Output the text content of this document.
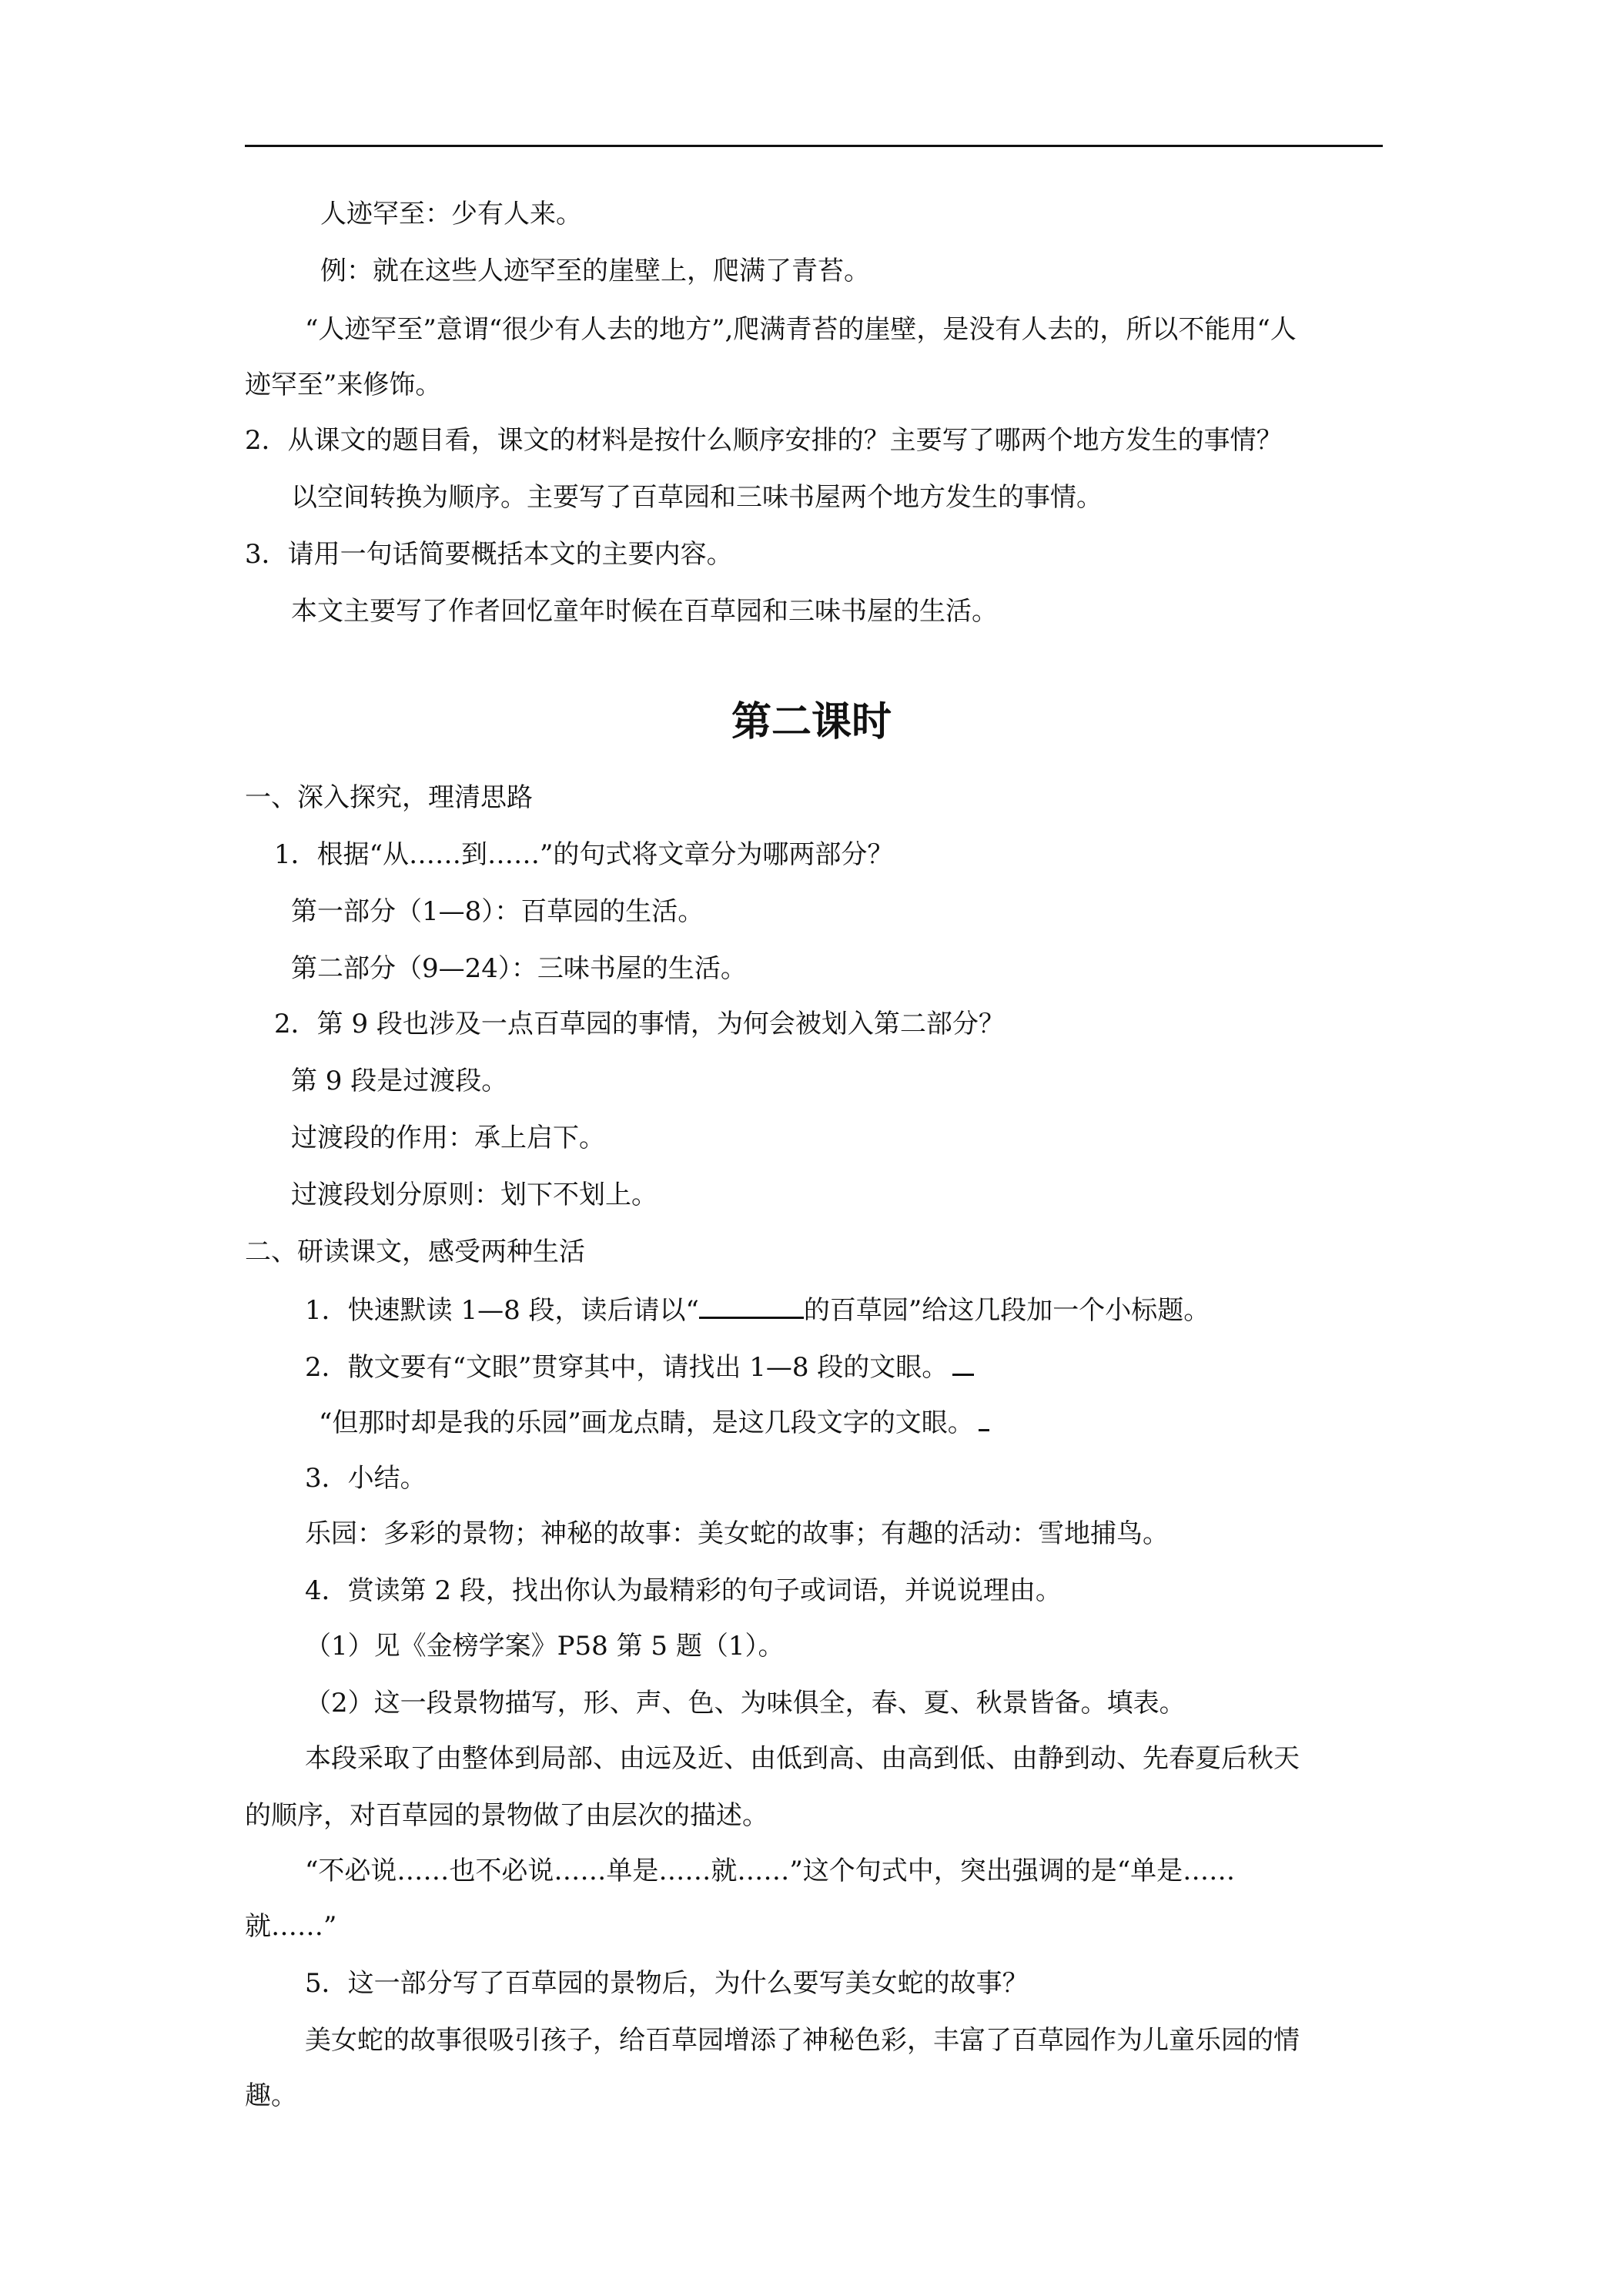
人迹罕至：少有人来。
例：就在这些人迹罕至的崖壁上，爬满了青苔。
“人迹罕至”意谓“很少有人去的地方”,爬满青苔的崖壁，是没有人去的，所以不能用“人
迹罕至”来修饰。
2．从课文的题目看，课文的材料是按什么顺序安排的？主要写了哪两个地方发生的事情？
以空间转换为顺序。主要写了百草园和三味书屋两个地方发生的事情。
3．请用一句话简要概括本文的主要内容。
本文主要写了作者回忆童年时候在百草园和三味书屋的生活。
第二课时
一、深入探究，理清思路
1．根据“从……到……”的句式将文章分为哪两部分？
第一部分（1—8）：百草园的生活。
第二部分（9—24）：三味书屋的生活。
2．第 9 段也涉及一点百草园的事情，为何会被划入第二部分？
第 9 段是过渡段。
过渡段的作用：承上启下。
过渡段划分原则：划下不划上。
二、研读课文，感受两种生活
1．快速默读 1—8 段，读后请以“	的百草园”给这几段加一个小标题。
2．散文要有“文眼”贯穿其中，请找出 1—8 段的文眼。
“但那时却是我的乐园”画龙点睛，是这几段文字的文眼。
3．小结。
乐园：多彩的景物；神秘的故事：美女蛇的故事；有趣的活动：雪地捕鸟。
4．赏读第 2 段，找出你认为最精彩的句子或词语，并说说理由。
（1）见《金榜学案》P58 第 5 题（1）。
（2）这一段景物描写，形、声、色、为味俱全，春、夏、秋景皆备。填表。
本段采取了由整体到局部、由远及近、由低到高、由高到低、由静到动、先春夏后秋天
的顺序，对百草园的景物做了由层次的描述。
“不必说……也不必说……单是……就……”这个句式中，突出强调的是“单是……
就……”
5．这一部分写了百草园的景物后，为什么要写美女蛇的故事？
美女蛇的故事很吸引孩子，给百草园增添了神秘色彩，丰富了百草园作为儿童乐园的情
趣。
